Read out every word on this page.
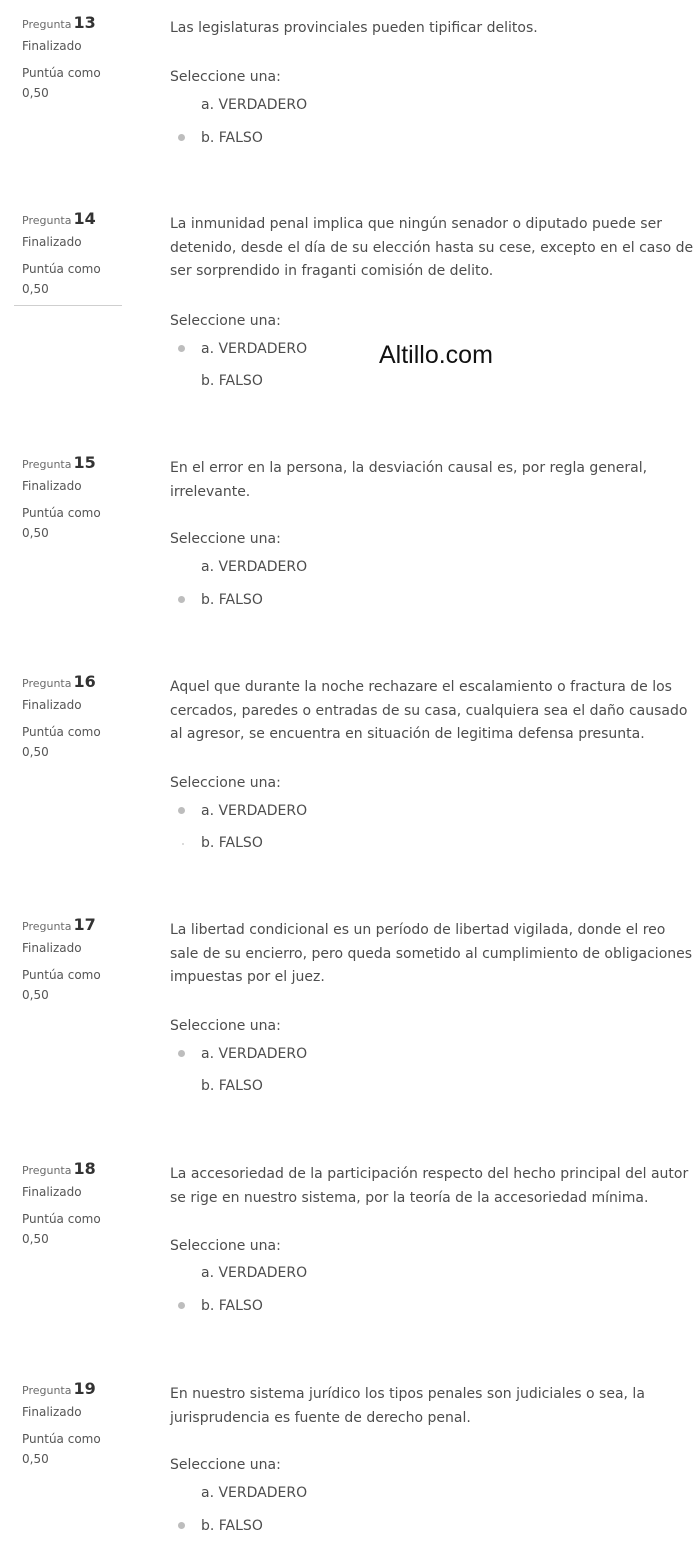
Pregunta 13
Finalizado
Puntúa como
0,50
Las legislaturas provinciales pueden tipificar delitos.
Seleccione una:
a. VERDADERO
b. FALSO
Pregunta 14
Finalizado
Puntúa como
0,50
La inmunidad penal implica que ningún senador o diputado puede ser detenido, desde el día de su elección hasta su cese, excepto en el caso de ser sorprendido in fraganti comisión de delito.
Seleccione una:
a. VERDADERO
b. FALSO
Pregunta 15
Finalizado
Puntúa como
0,50
En el error en la persona, la desviación causal es, por regla general, irrelevante.
Seleccione una:
a. VERDADERO
b. FALSO
Pregunta 16
Finalizado
Puntúa como
0,50
Aquel que durante la noche rechazare el escalamiento o fractura de los cercados, paredes o entradas de su casa, cualquiera sea el daño causado al agresor, se encuentra en situación de legitima defensa presunta.
Seleccione una:
a. VERDADERO
b. FALSO
Pregunta 17
Finalizado
Puntúa como
0,50
La libertad condicional es un período de libertad vigilada, donde el reo sale de su encierro, pero queda sometido al cumplimiento de obligaciones impuestas por el juez.
Seleccione una:
a. VERDADERO
b. FALSO
Pregunta 18
Finalizado
Puntúa como
0,50
La accesoriedad de la participación respecto del hecho principal del autor se rige en nuestro sistema, por la teoría de la accesoriedad mínima.
Seleccione una:
a. VERDADERO
b. FALSO
Pregunta 19
Finalizado
Puntúa como
0,50
En nuestro sistema jurídico los tipos penales son judiciales o sea, la jurisprudencia es fuente de derecho penal.
Seleccione una:
a. VERDADERO
b. FALSO
Altillo.com
